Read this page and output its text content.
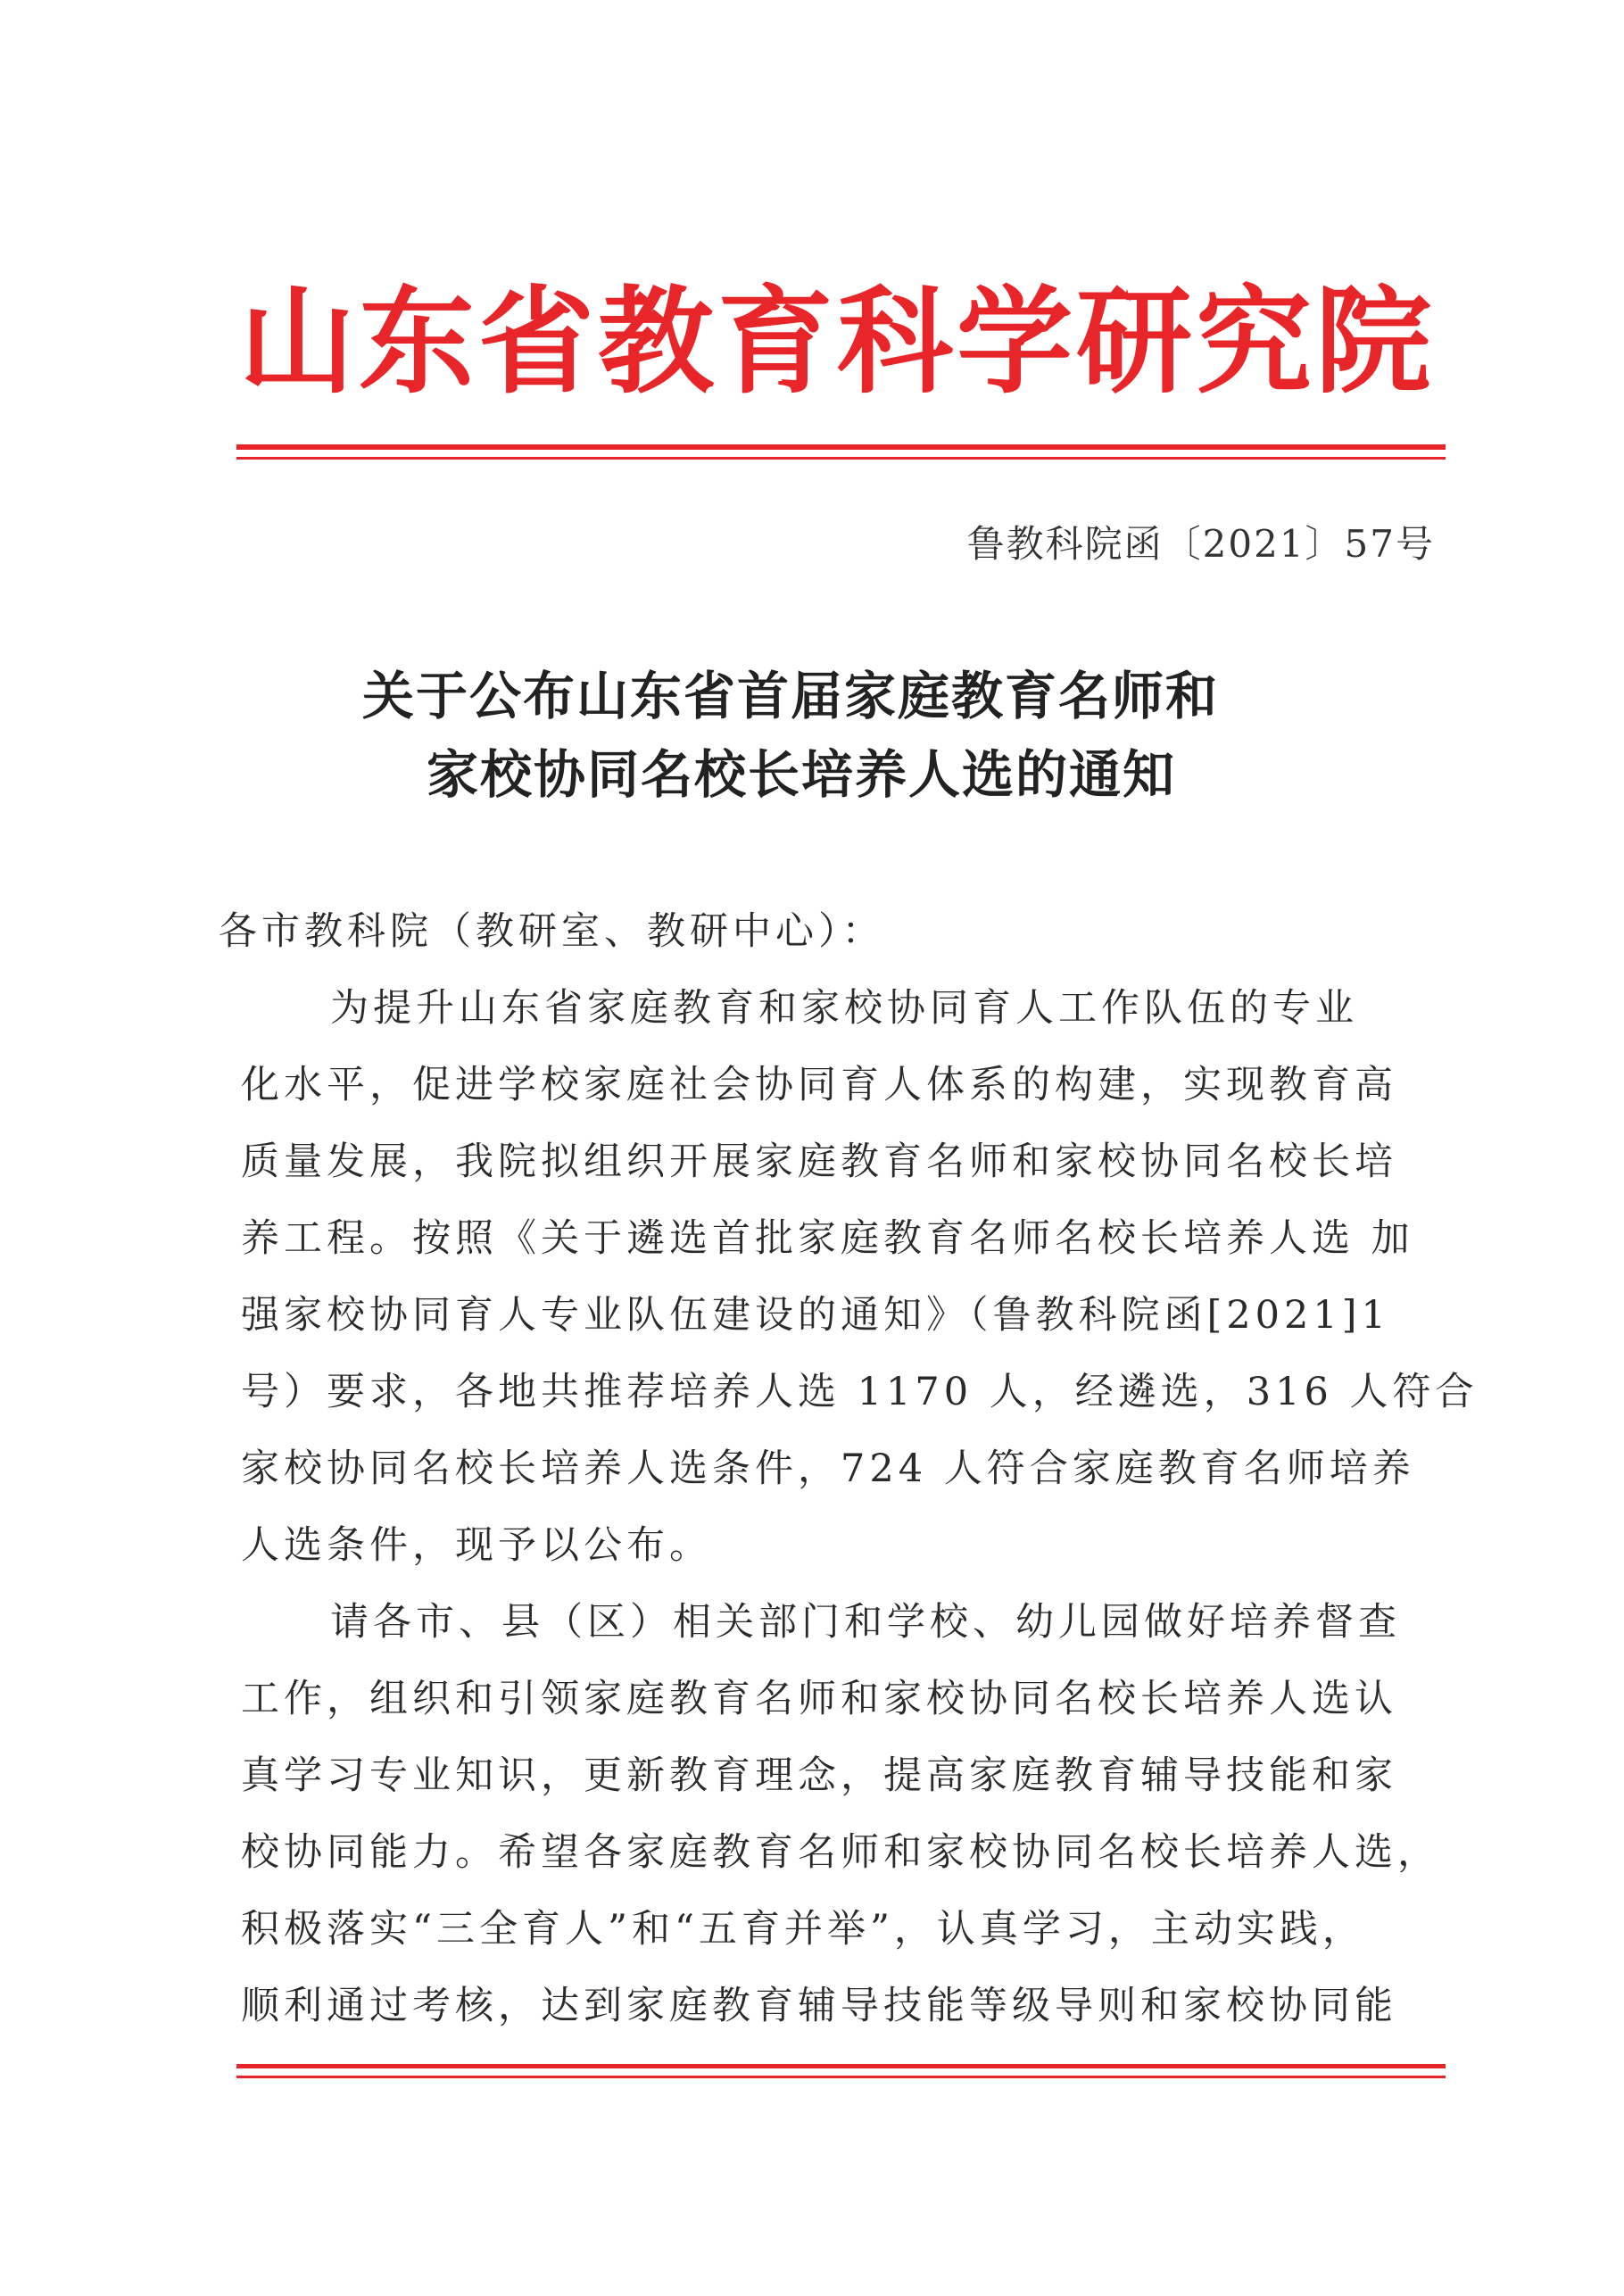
山东省教育科学研究院
鲁教科院函〔2021〕57号
关于公布山东省首届家庭教育名师和
家校协同名校长培养人选的通知
各市教科院（教研室、教研中心）：
为提升山东省家庭教育和家校协同育人工作队伍的专业
化水平，促进学校家庭社会协同育人体系的构建，实现教育高
质量发展，我院拟组织开展家庭教育名师和家校协同名校长培
养工程。按照《关于遴选首批家庭教育名师名校长培养人选 加
强家校协同育人专业队伍建设的通知》（鲁教科院函[2021]1
号）要求，各地共推荐培养人选 1170 人，经遴选，316 人符合
家校协同名校长培养人选条件，724 人符合家庭教育名师培养
人选条件，现予以公布。
请各市、县（区）相关部门和学校、幼儿园做好培养督查
工作，组织和引领家庭教育名师和家校协同名校长培养人选认
真学习专业知识，更新教育理念，提高家庭教育辅导技能和家
校协同能力。希望各家庭教育名师和家校协同名校长培养人选，
积极落实“三全育人”和“五育并举”，认真学习，主动实践，
顺利通过考核，达到家庭教育辅导技能等级导则和家校协同能
